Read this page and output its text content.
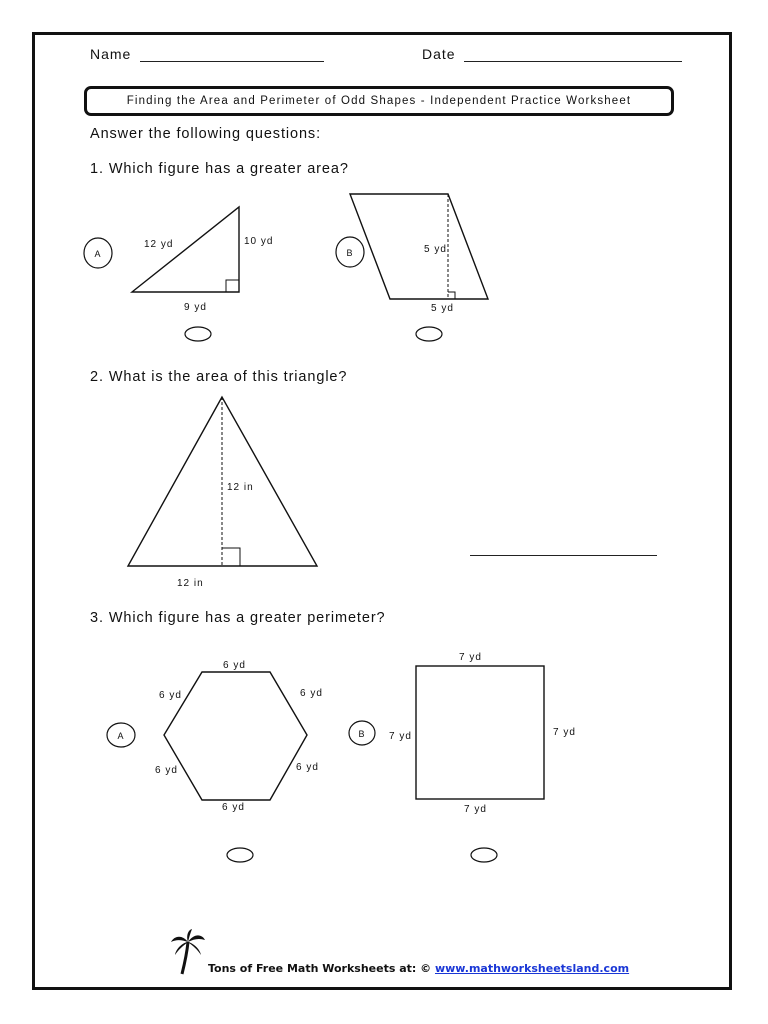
Name	Date
Finding the Area and Perimeter of Odd Shapes - Independent Practice Worksheet
Answer the following questions:
1. Which figure has a greater area?
2. What is the area of this triangle?
3. Which figure has a greater perimeter?
A
12 yd	10 yd
9 yd
B	5 yd
5 yd
12 in
12 in
A
6 yd
6 yd	6 yd
6 yd	6 yd
6 yd
B
7 yd
7 yd	7 yd
7 yd
Tons of Free Math Worksheets at: © www.mathworksheetsland.com
